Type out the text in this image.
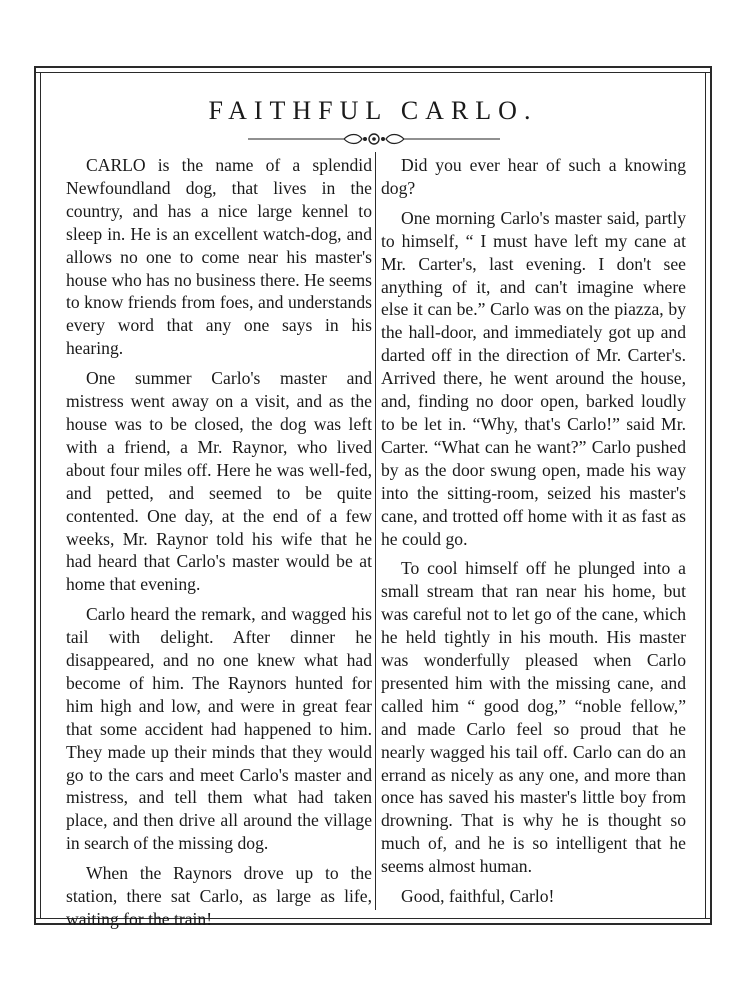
FAITHFUL CARLO.

CARLO is the name of a splendid Newfoundland dog, that lives in the country, and has a nice large kennel to sleep in. He is an excellent watch-dog, and allows no one to come near his master's house who has no business there. He seems to know friends from foes, and understands every word that any one says in his hearing.

One summer Carlo's master and mistress went away on a visit, and as the house was to be closed, the dog was left with a friend, a Mr. Raynor, who lived about four miles off. Here he was well-fed, and petted, and seemed to be quite contented. One day, at the end of a few weeks, Mr. Raynor told his wife that he had heard that Carlo's master would be at home that evening.

Carlo heard the remark, and wagged his tail with delight. After dinner he disappeared, and no one knew what had become of him. The Raynors hunted for him high and low, and were in great fear that some accident had happened to him. They made up their minds that they would go to the cars and meet Carlo's master and mistress, and tell them what had taken place, and then drive all around the village in search of the missing dog.

When the Raynors drove up to the station, there sat Carlo, as large as life, waiting for the train!

Did you ever hear of such a knowing dog?

One morning Carlo's master said, partly to himself, “ I must have left my cane at Mr. Carter's, last evening. I don't see anything of it, and can't imagine where else it can be.” Carlo was on the piazza, by the hall-door, and immediately got up and darted off in the direction of Mr. Carter's. Arrived there, he went around the house, and, finding no door open, barked loudly to be let in. “Why, that's Carlo!” said Mr. Carter. “What can he want?” Carlo pushed by as the door swung open, made his way into the sitting-room, seized his master's cane, and trotted off home with it as fast as he could go.

To cool himself off he plunged into a small stream that ran near his home, but was careful not to let go of the cane, which he held tightly in his mouth. His master was wonderfully pleased when Carlo presented him with the missing cane, and called him “ good dog,” “noble fellow,” and made Carlo feel so proud that he nearly wagged his tail off. Carlo can do an errand as nicely as any one, and more than once has saved his master's little boy from drowning. That is why he is thought so much of, and he is so intelligent that he seems almost human.

Good, faithful, Carlo!
